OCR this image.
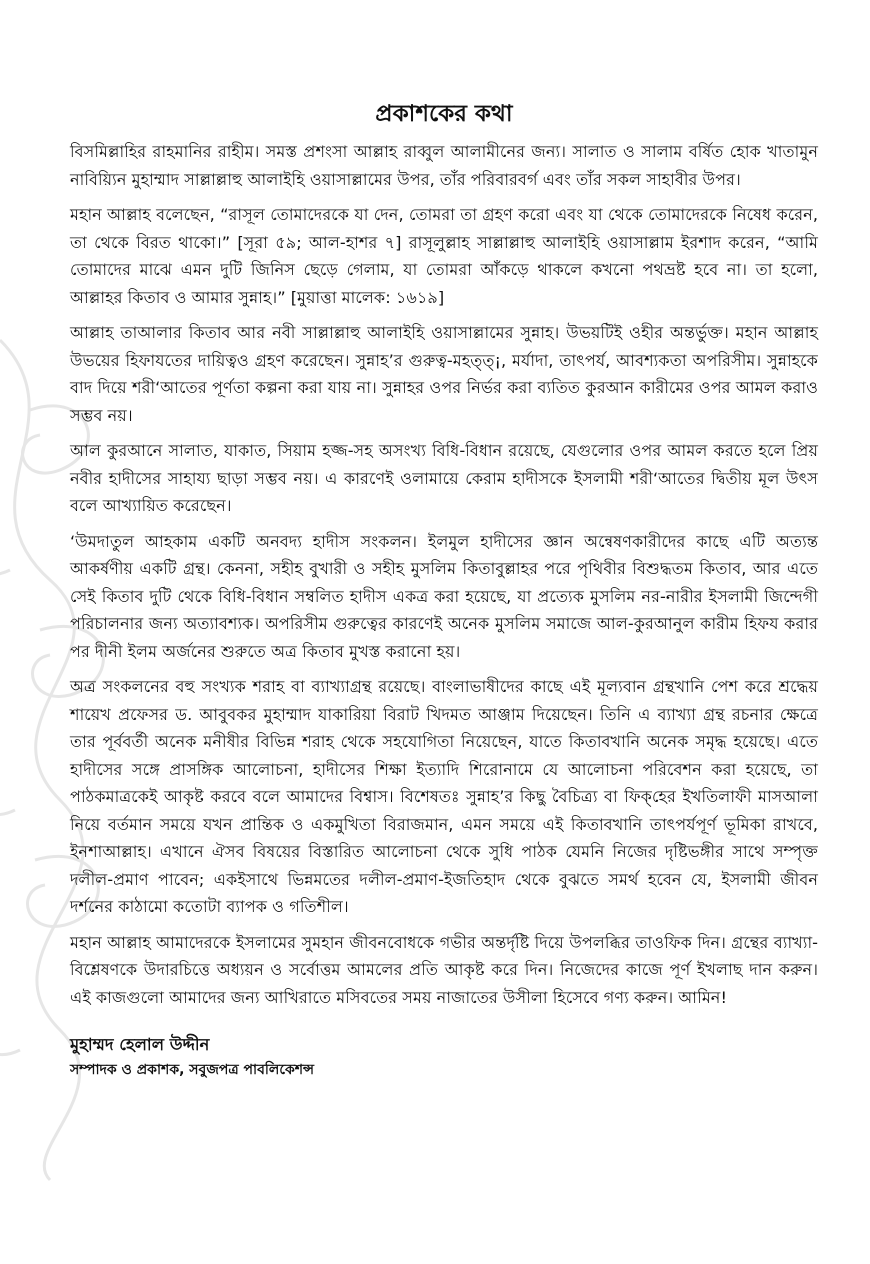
প্রকাশকের কথা

বিসমিল্লাহির রাহমানির রাহীম। সমস্ত প্রশংসা আল্লাহ রাব্বুল আলামীনের জন্য। সালাত ও সালাম বর্ষিত হোক খাতামুন নাবিয়্যিন মুহাম্মাদ সাল্লাল্লাহু আলাইহি ওয়াসাল্লামের উপর, তাঁর পরিবারবর্গ এবং তাঁর সকল সাহাবীর উপর।

মহান আল্লাহ বলেছেন, “রাসূল তোমাদেরকে যা দেন, তোমরা তা গ্রহণ করো এবং যা থেকে তোমাদেরকে নিষেধ করেন, তা থেকে বিরত থাকো।” [সূরা ৫৯; আল-হাশর ৭] রাসূলুল্লাহ সাল্লাল্লাহু আলাইহি ওয়াসাল্লাম ইরশাদ করেন, “আমি তোমাদের মাঝে এমন দুটি জিনিস ছেড়ে গেলাম, যা তোমরা আঁকড়ে থাকলে কখনো পথভ্রষ্ট হবে না। তা হলো, আল্লাহর কিতাব ও আমার সুন্নাহ।” [মুয়াত্তা মালেক: ১৬১৯]

আল্লাহ তাআলার কিতাব আর নবী সাল্লাল্লাহু আলাইহি ওয়াসাল্লামের সুন্নাহ। উভয়টিই ওহীর অন্তর্ভুক্ত। মহান আল্লাহ উভয়ের হিফাযতের দায়িত্বও গ্রহণ করেছেন। সুন্নাহ’র গুরুত্ব-মহত্ত্¡, মর্যাদা, তাৎপর্য, আবশ্যকতা অপরিসীম। সুন্নাহকে বাদ দিয়ে শরী‘আতের পূর্ণতা কল্পনা করা যায় না। সুন্নাহর ওপর নির্ভর করা ব্যতিত কুরআন কারীমের ওপর আমল করাও সম্ভব নয়।

আল কুরআনে সালাত, যাকাত, সিয়াম হজ্জ-সহ অসংখ্য বিধি-বিধান রয়েছে, যেগুলোর ওপর আমল করতে হলে প্রিয় নবীর হাদীসের সাহায্য ছাড়া সম্ভব নয়। এ কারণেই ওলামায়ে কেরাম হাদীসকে ইসলামী শরী‘আতের দ্বিতীয় মূল উৎস বলে আখ্যায়িত করেছেন।

‘উমদাতুল আহকাম একটি অনবদ্য হাদীস সংকলন। ইলমুল হাদীসের জ্ঞান অন্বেষণকারীদের কাছে এটি অত্যন্ত আকর্ষণীয় একটি গ্রন্থ। কেননা, সহীহ বুখারী ও সহীহ মুসলিম কিতাবুল্লাহর পরে পৃথিবীর বিশুদ্ধতম কিতাব, আর এতে সেই কিতাব দুটি থেকে বিধি-বিধান সম্বলিত হাদীস একত্র করা হয়েছে, যা প্রত্যেক মুসলিম নর-নারীর ইসলামী জিন্দেগী পরিচালনার জন্য অত্যাবশ্যক। অপরিসীম গুরুত্বের কারণেই অনেক মুসলিম সমাজে আল-কুরআনুল কারীম হিফয করার পর দীনী ইলম অর্জনের শুরুতে অত্র কিতাব মুখস্ত করানো হয়।

অত্র সংকলনের বহু সংখ্যক শরাহ বা ব্যাখ্যাগ্রন্থ রয়েছে। বাংলাভাষীদের কাছে এই মূল্যবান গ্রন্থখানি পেশ করে শ্রদ্ধেয় শায়েখ প্রফেসর ড. আবুবকর মুহাম্মাদ যাকারিয়া বিরাট খিদমত আঞ্জাম দিয়েছেন। তিনি এ ব্যাখ্যা গ্রন্থ রচনার ক্ষেত্রে তার পূর্ববর্তী অনেক মনীষীর বিভিন্ন শরাহ থেকে সহযোগিতা নিয়েছেন, যাতে কিতাবখানি অনেক সমৃদ্ধ হয়েছে। এতে হাদীসের সঙ্গে প্রাসঙ্গিক আলোচনা, হাদীসের শিক্ষা ইত্যাদি শিরোনামে যে আলোচনা পরিবেশন করা হয়েছে, তা পাঠকমাত্রকেই আকৃষ্ট করবে বলে আমাদের বিশ্বাস। বিশেষতঃ সুন্নাহ’র কিছু বৈচিত্র্য বা ফিক্‌হের ইখতিলাফী মাসআলা নিয়ে বর্তমান সময়ে যখন প্রান্তিক ও একমুখিতা বিরাজমান, এমন সময়ে এই কিতাবখানি তাৎপর্যপূর্ণ ভূমিকা রাখবে, ইনশাআল্লাহ। এখানে ঐসব বিষয়ের বিস্তারিত আলোচনা থেকে সুধি পাঠক যেমনি নিজের দৃষ্টিভঙ্গীর সাথে সম্পৃক্ত দলীল-প্রমাণ পাবেন; একইসাথে ভিন্নমতের দলীল-প্রমাণ-ইজতিহাদ থেকে বুঝতে সমর্থ হবেন যে, ইসলামী জীবন দর্শনের কাঠামো কতোটা ব্যাপক ও গতিশীল।

মহান আল্লাহ আমাদেরকে ইসলামের সুমহান জীবনবোধকে গভীর অন্তর্দৃষ্টি দিয়ে উপলব্ধির তাওফিক দিন। গ্রন্থের ব্যাখ্যা-বিশ্লেষণকে উদারচিত্তে অধ্যয়ন ও সর্বোত্তম আমলের প্রতি আকৃষ্ট করে দিন। নিজেদের কাজে পূর্ণ ইখলাছ দান করুন। এই কাজগুলো আমাদের জন্য আখিরাতে মসিবতের সময় নাজাতের উসীলা হিসেবে গণ্য করুন। আমিন!

মুহাম্মদ হেলাল উদ্দীন
সম্পাদক ও প্রকাশক, সবুজপত্র পাবলিকেশন্স
